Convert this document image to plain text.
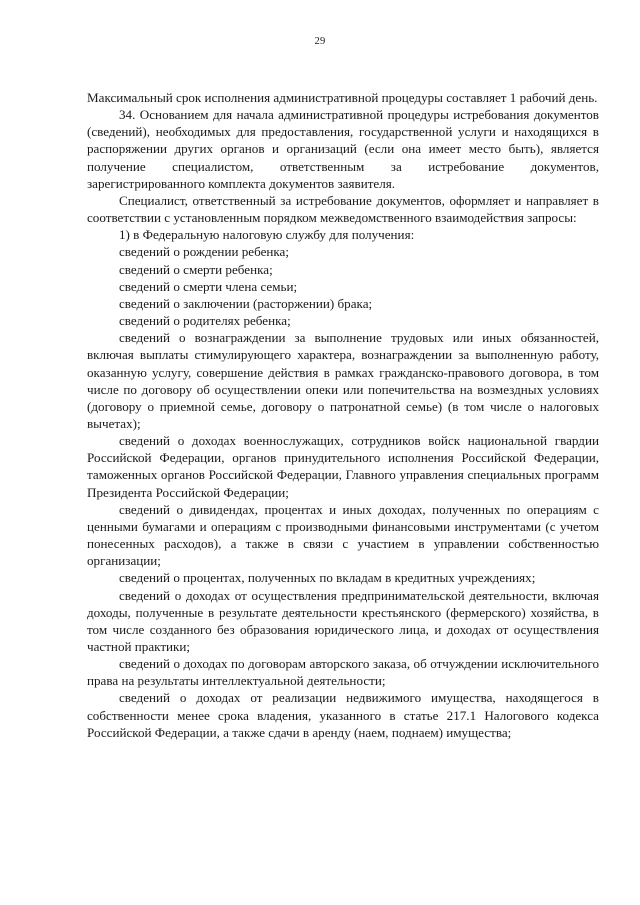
29

Максимальный срок исполнения административной процедуры составляет 1 рабочий день.

34. Основанием для начала административной процедуры истребования документов (сведений), необходимых для предоставления, государственной услуги и находящихся в распоряжении других органов и организаций (если она имеет место быть), является получение специалистом, ответственным за истребование документов, зарегистрированного комплекта документов заявителя.

Специалист, ответственный за истребование документов, оформляет и направляет в соответствии с установленным порядком межведомственного взаимодействия запросы:

1) в Федеральную налоговую службу для получения:

сведений о рождении ребенка;

сведений о смерти ребенка;

сведений о смерти члена семьи;

сведений о заключении (расторжении) брака;

сведений о родителях ребенка;

сведений о вознаграждении за выполнение трудовых или иных обязанностей, включая выплаты стимулирующего характера, вознаграждении за выполненную работу, оказанную услугу, совершение действия в рамках гражданско-правового договора, в том числе по договору об осуществлении опеки или попечительства на возмездных условиях (договору о приемной семье, договору о патронатной семье) (в том числе о налоговых вычетах);

сведений о доходах военнослужащих, сотрудников войск национальной гвардии Российской Федерации, органов принудительного исполнения Российской Федерации, таможенных органов Российской Федерации, Главного управления специальных программ Президента Российской Федерации;

сведений о дивидендах, процентах и иных доходах, полученных по операциям с ценными бумагами и операциям с производными финансовыми инструментами (с учетом понесенных расходов), а также в связи с участием в управлении собственностью организации;

сведений о процентах, полученных по вкладам в кредитных учреждениях;

сведений о доходах от осуществления предпринимательской деятельности, включая доходы, полученные в результате деятельности крестьянского (фермерского) хозяйства, в том числе созданного без образования юридического лица, и доходах от осуществления частной практики;

сведений о доходах по договорам авторского заказа, об отчуждении исключительного права на результаты интеллектуальной деятельности;

сведений о доходах от реализации недвижимого имущества, находящегося в собственности менее срока владения, указанного в статье 217.1 Налогового кодекса Российской Федерации, а также сдачи в аренду (наем, поднаем) имущества;
